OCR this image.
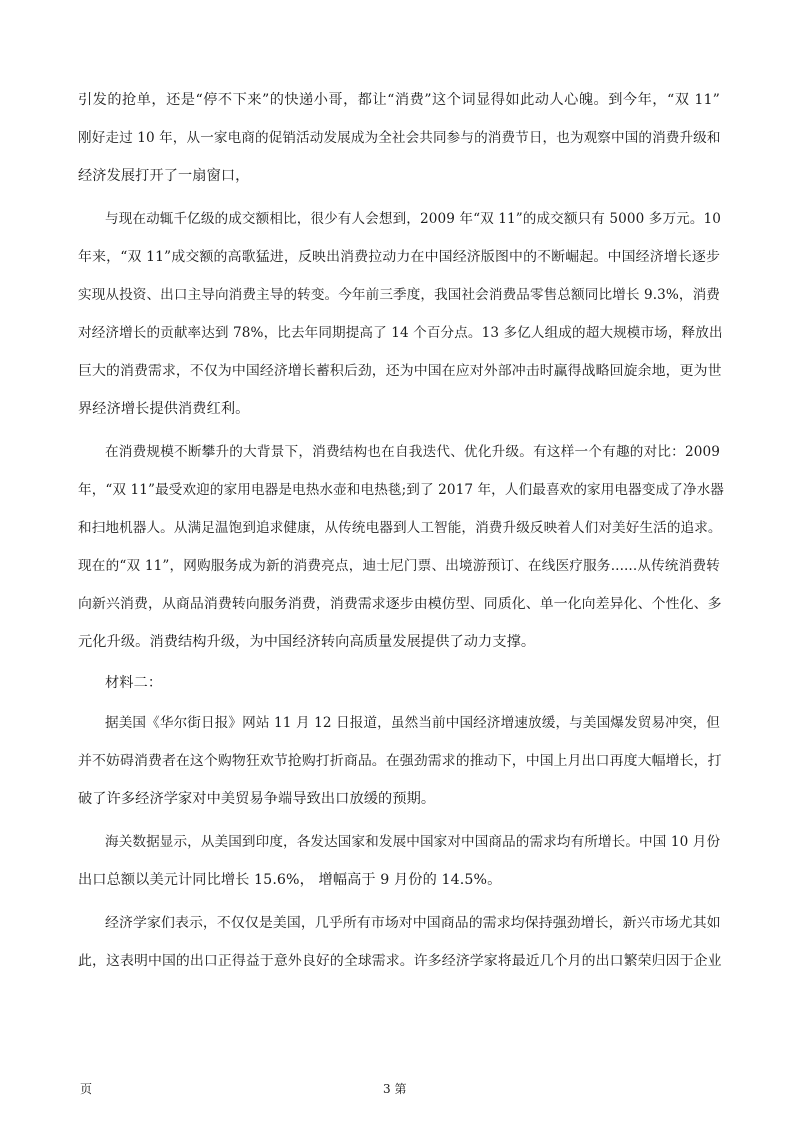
引发的抢单，还是“停不下来”的快递小哥，都让“消费”这个词显得如此动人心魄。到今年，“双 11”
刚好走过 10 年，从一家电商的促销活动发展成为全社会共同参与的消费节日，也为观察中国的消费升级和
经济发展打开了一扇窗口，
与现在动辄千亿级的成交额相比，很少有人会想到，2009 年“双 11”的成交额只有 5000 多万元。10
年来，“双 11”成交额的高歌猛进，反映出消费拉动力在中国经济版图中的不断崛起。中国经济增长逐步
实现从投资、出口主导向消费主导的转变。今年前三季度，我国社会消费品零售总额同比增长 9.3%，消费
对经济增长的贡献率达到 78%，比去年同期提高了 14 个百分点。13 多亿人组成的超大规模市场，释放出
巨大的消费需求，不仅为中国经济增长蓄积后劲，还为中国在应对外部冲击时赢得战略回旋余地，更为世
界经济增长提供消费红利。
在消费规模不断攀升的大背景下，消费结构也在自我迭代、优化升级。有这样一个有趣的对比：2009
年，“双 11”最受欢迎的家用电器是电热水壶和电热毯;到了 2017 年，人们最喜欢的家用电器变成了净水器
和扫地机器人。从满足温饱到追求健康，从传统电器到人工智能，消费升级反映着人们对美好生活的追求。
现在的“双 11”，网购服务成为新的消费亮点，迪士尼门票、出境游预订、在线医疗服务......从传统消费转
向新兴消费，从商品消费转向服务消费，消费需求逐步由模仿型、同质化、单一化向差异化、个性化、多
元化升级。消费结构升级，为中国经济转向高质量发展提供了动力支撑。
材料二：
据美国《华尔街日报》网站 11 月 12 日报道，虽然当前中国经济增速放缓，与美国爆发贸易冲突，但
并不妨碍消费者在这个购物狂欢节抢购打折商品。在强劲需求的推动下，中国上月出口再度大幅增长，打
破了许多经济学家对中美贸易争端导致出口放缓的预期。
海关数据显示，从美国到印度，各发达国家和发展中国家对中国商品的需求均有所增长。中国 10 月份
出口总额以美元计同比增长 15.6%， 增幅高于 9 月份的 14.5%。
经济学家们表示，不仅仅是美国，几乎所有市场对中国商品的需求均保持强劲增长，新兴市场尤其如
此，这表明中国的出口正得益于意外良好的全球需求。许多经济学家将最近几个月的出口繁荣归因于企业
页	3 第
